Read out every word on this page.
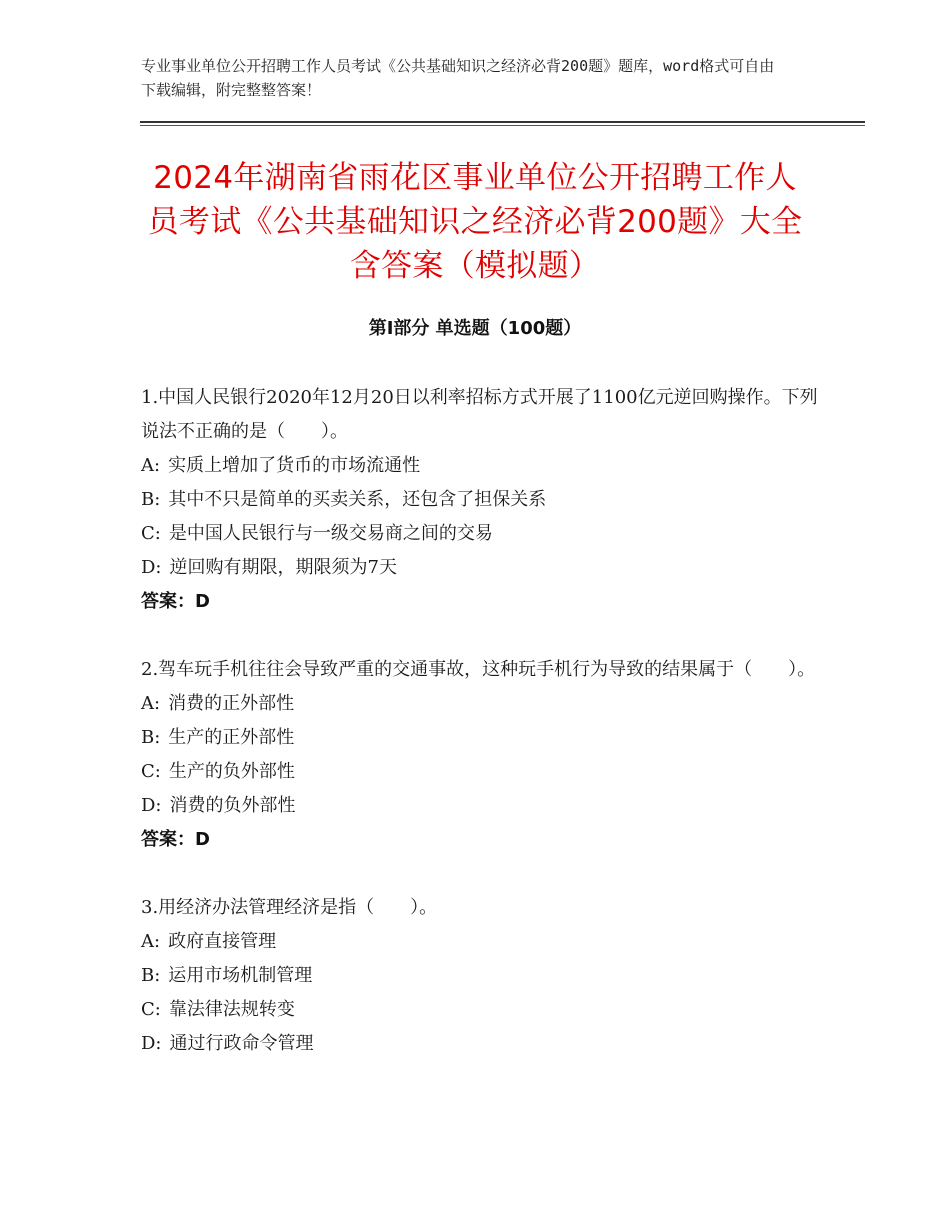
专业事业单位公开招聘工作人员考试《公共基础知识之经济必背200题》题库，word格式可自由下载编辑，附完整整答案！
2024年湖南省雨花区事业单位公开招聘工作人员考试《公共基础知识之经济必背200题》大全含答案（模拟题）
第Ⅰ部分 单选题（100题）
1.中国人民银行2020年12月20日以利率招标方式开展了1100亿元逆回购操作。下列说法不正确的是（　　）。
A: 实质上增加了货币的市场流通性
B: 其中不只是简单的买卖关系，还包含了担保关系
C: 是中国人民银行与一级交易商之间的交易
D: 逆回购有期限，期限须为7天
答案：D
2.驾车玩手机往往会导致严重的交通事故，这种玩手机行为导致的结果属于（　　）。
A: 消费的正外部性
B: 生产的正外部性
C: 生产的负外部性
D: 消费的负外部性
答案：D
3.用经济办法管理经济是指（　　）。
A: 政府直接管理
B: 运用市场机制管理
C: 靠法律法规转变
D: 通过行政命令管理
